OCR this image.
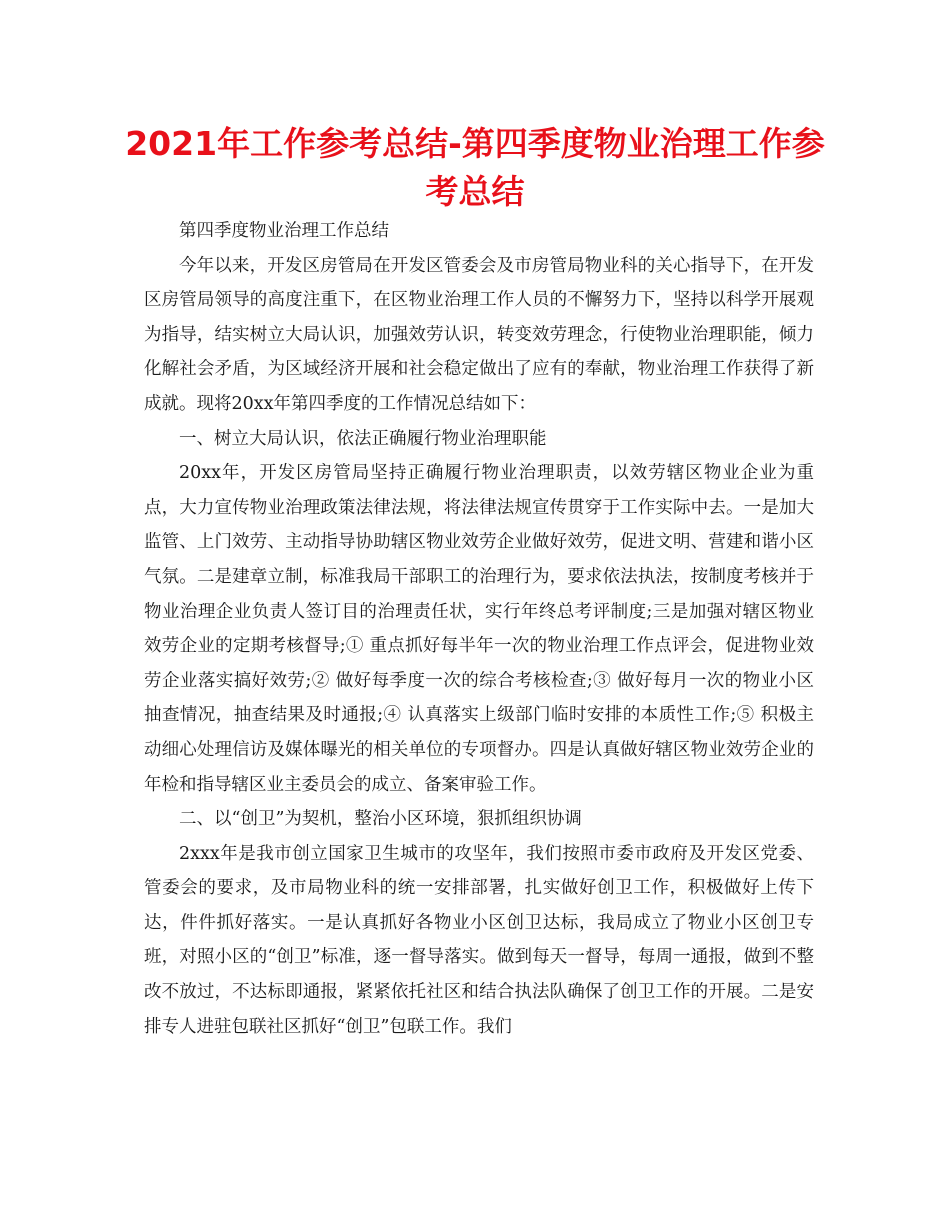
2021年工作参考总结-第四季度物业治理工作参考总结

第四季度物业治理工作总结

今年以来，开发区房管局在开发区管委会及市房管局物业科的关心指导下，在开发区房管局领导的高度注重下，在区物业治理工作人员的不懈努力下，坚持以科学开展观为指导，结实树立大局认识，加强效劳认识，转变效劳理念，行使物业治理职能，倾力化解社会矛盾，为区域经济开展和社会稳定做出了应有的奉献，物业治理工作获得了新成就。现将20xx年第四季度的工作情况总结如下：

一、树立大局认识，依法正确履行物业治理职能

20xx年，开发区房管局坚持正确履行物业治理职责，以效劳辖区物业企业为重点，大力宣传物业治理政策法律法规，将法律法规宣传贯穿于工作实际中去。一是加大监管、上门效劳、主动指导协助辖区物业效劳企业做好效劳，促进文明、营建和谐小区气氛。二是建章立制，标准我局干部职工的治理行为，要求依法执法，按制度考核并于物业治理企业负责人签订目的治理责任状，实行年终总考评制度;三是加强对辖区物业效劳企业的定期考核督导;① 重点抓好每半年一次的物业治理工作点评会，促进物业效劳企业落实搞好效劳;② 做好每季度一次的综合考核检查;③ 做好每月一次的物业小区抽查情况，抽查结果及时通报;④ 认真落实上级部门临时安排的本质性工作;⑤ 积极主动细心处理信访及媒体曝光的相关单位的专项督办。四是认真做好辖区物业效劳企业的年检和指导辖区业主委员会的成立、备案审验工作。

二、以“创卫”为契机，整治小区环境，狠抓组织协调

2xxx年是我市创立国家卫生城市的攻坚年，我们按照市委市政府及开发区党委、管委会的要求，及市局物业科的统一安排部署，扎实做好创卫工作，积极做好上传下达，件件抓好落实。一是认真抓好各物业小区创卫达标，我局成立了物业小区创卫专班，对照小区的“创卫”标准，逐一督导落实。做到每天一督导，每周一通报，做到不整改不放过，不达标即通报，紧紧依托社区和结合执法队确保了创卫工作的开展。二是安排专人进驻包联社区抓好“创卫”包联工作。我们
